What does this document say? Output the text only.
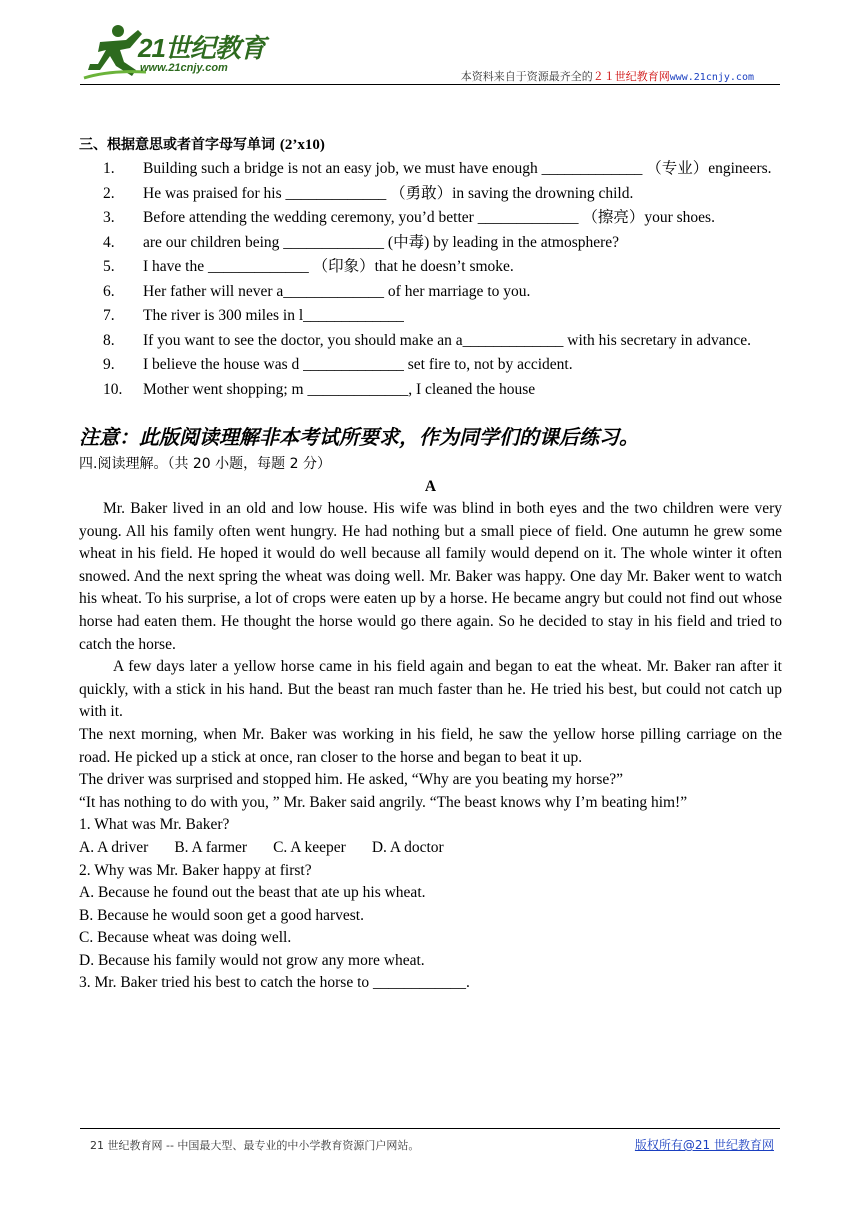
21世纪教育
www.21cnjy.com
本资料来自于资源最齐全的２１世纪教育网www.21cnjy.com
三、根据意思或者首字母写单词 (2’x10)
1. Building such a bridge is not an easy job, we must have enough _____________ （专业）engineers.
2. He was praised for his _____________ （勇敢）in saving the drowning child.
3. Before attending the wedding ceremony, you’d better _____________ （擦亮）your shoes.
4. are our children being _____________ (中毒) by leading in the atmosphere?
5. I have the _____________ （印象）that he doesn’t smoke.
6. Her father will never a_____________ of her marriage to you.
7. The river is 300 miles in l_____________
8. If you want to see the doctor, you should make an a_____________ with his secretary in advance.
9. I believe the house was d _____________ set fire to, not by accident.
10. Mother went shopping; m _____________, I cleaned the house
注意：此版阅读理解非本考试所要求，作为同学们的课后练习。
四.阅读理解。（共 20 小题，每题 2 分）
A

Mr. Baker lived in an old and low house. His wife was blind in both eyes and the two children were very young. All his family often went hungry. He had nothing but a small piece of field. One autumn he grew some wheat in his field. He hoped it would do well because all family would depend on it. The whole winter it often snowed. And the next spring the wheat was doing well. Mr. Baker was happy. One day Mr. Baker went to watch his wheat. To his surprise, a lot of crops were eaten up by a horse. He became angry but could not find out whose horse had eaten them. He thought the horse would go there again. So he decided to stay in his field and tried to catch the horse.

A few days later a yellow horse came in his field again and began to eat the wheat. Mr. Baker ran after it quickly, with a stick in his hand. But the beast ran much faster than he. He tried his best, but could not catch up with it.

The next morning, when Mr. Baker was working in his field, he saw the yellow horse pilling carriage on the road. He picked up a stick at once, ran closer to the horse and began to beat it up.

The driver was surprised and stopped him. He asked, “Why are you beating my horse?”

“It has nothing to do with you, ” Mr. Baker said angrily. “The beast knows why I’m beating him!”

1. What was Mr. Baker?

A. A driver B. A farmer C. A keeper D. A doctor

2. Why was Mr. Baker happy at first?

A. Because he found out the beast that ate up his wheat.

B. Because he would soon get a good harvest.

C. Because wheat was doing well.

D. Because his family would not grow any more wheat.

3. Mr. Baker tried his best to catch the horse to ____________.

21 世纪教育网 -- 中国最大型、最专业的中小学教育资源门户网站。	版权所有@21 世纪教育网
